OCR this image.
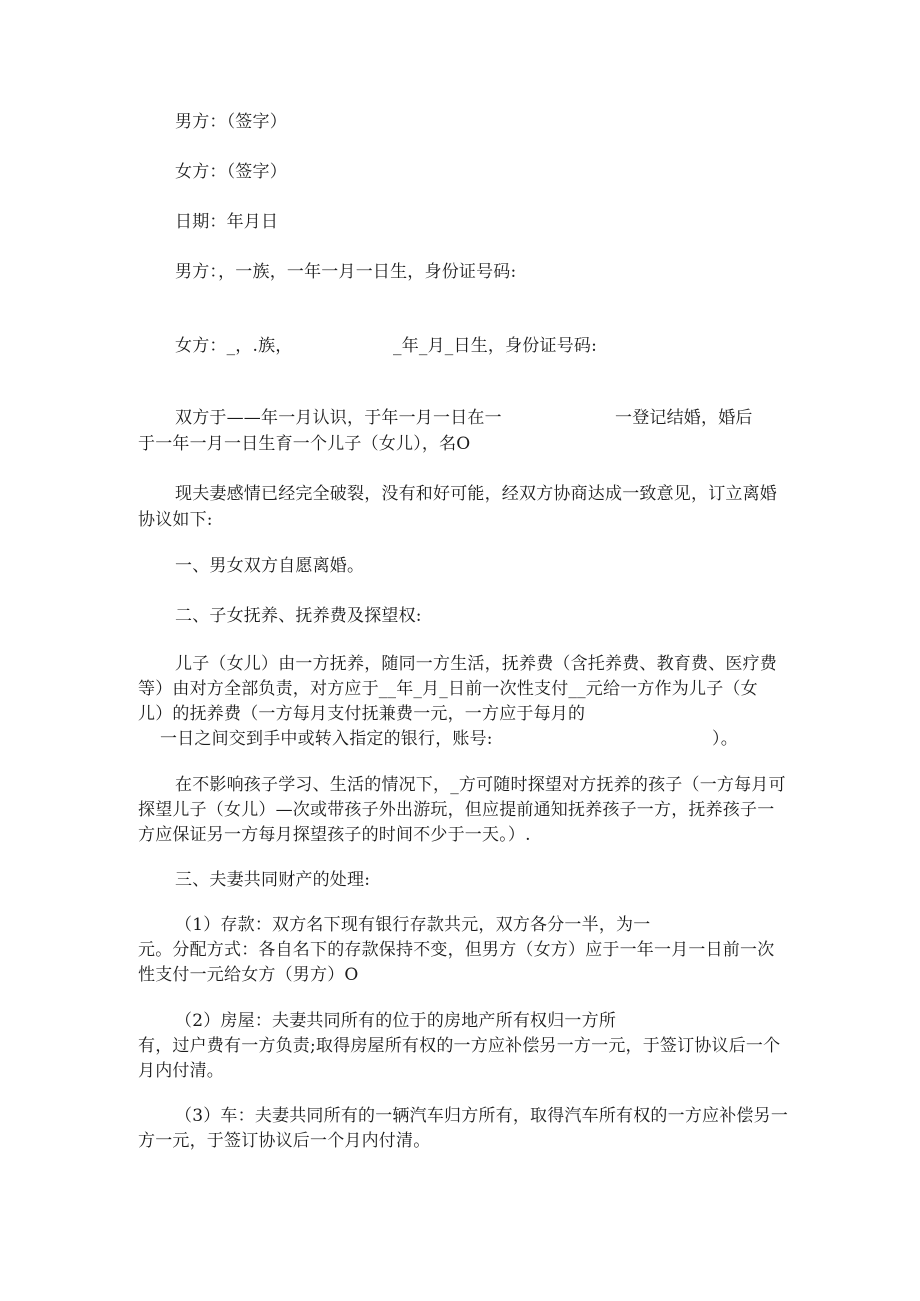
男方：（签字）
女方：（签字）
日期：年月日
男方：，一族，一年一月一日生，身份证号码:
女方：_，.族，	_年_月_日生，身份证号码:
双方于——年一月认识，于年一月一日在一	一登记结婚，婚后
于一年一月一日生育一个儿子（女儿），名O
现夫妻感情已经完全破裂，没有和好可能，经双方协商达成一致意见，订立离婚
协议如下:
一、男女双方自愿离婚。
二、子女抚养、抚养费及探望权:
儿子（女儿）由一方抚养，随同一方生活，抚养费（含托养费、教育费、医疗费
等）由对方全部负责，对方应于__年_月_日前一次性支付__元给一方作为儿子（女
儿）的抚养费（一方每月支付抚兼费一元，一方应于每月的
一日之间交到手中或转入指定的银行，账号:	）。
在不影响孩子学习、生活的情况下，_方可随时探望对方抚养的孩子（一方每月可
探望儿子（女儿）—次或带孩子外出游玩，但应提前通知抚养孩子一方，抚养孩子一
方应保证另一方每月探望孩子的时间不少于一天。）.
三、夫妻共同财产的处理:
（1）存款：双方名下现有银行存款共元，双方各分一半，为一
元。分配方式：各自名下的存款保持不变，但男方（女方）应于一年一月一日前一次
性支付一元给女方（男方）O
（2）房屋：夫妻共同所有的位于的房地产所有权归一方所
有，过户费有一方负责;取得房屋所有权的一方应补偿另一方一元，于签订协议后一个
月内付清。
（3）车：夫妻共同所有的一辆汽车归方所有，取得汽车所有权的一方应补偿另一
方一元，于签订协议后一个月内付清。
